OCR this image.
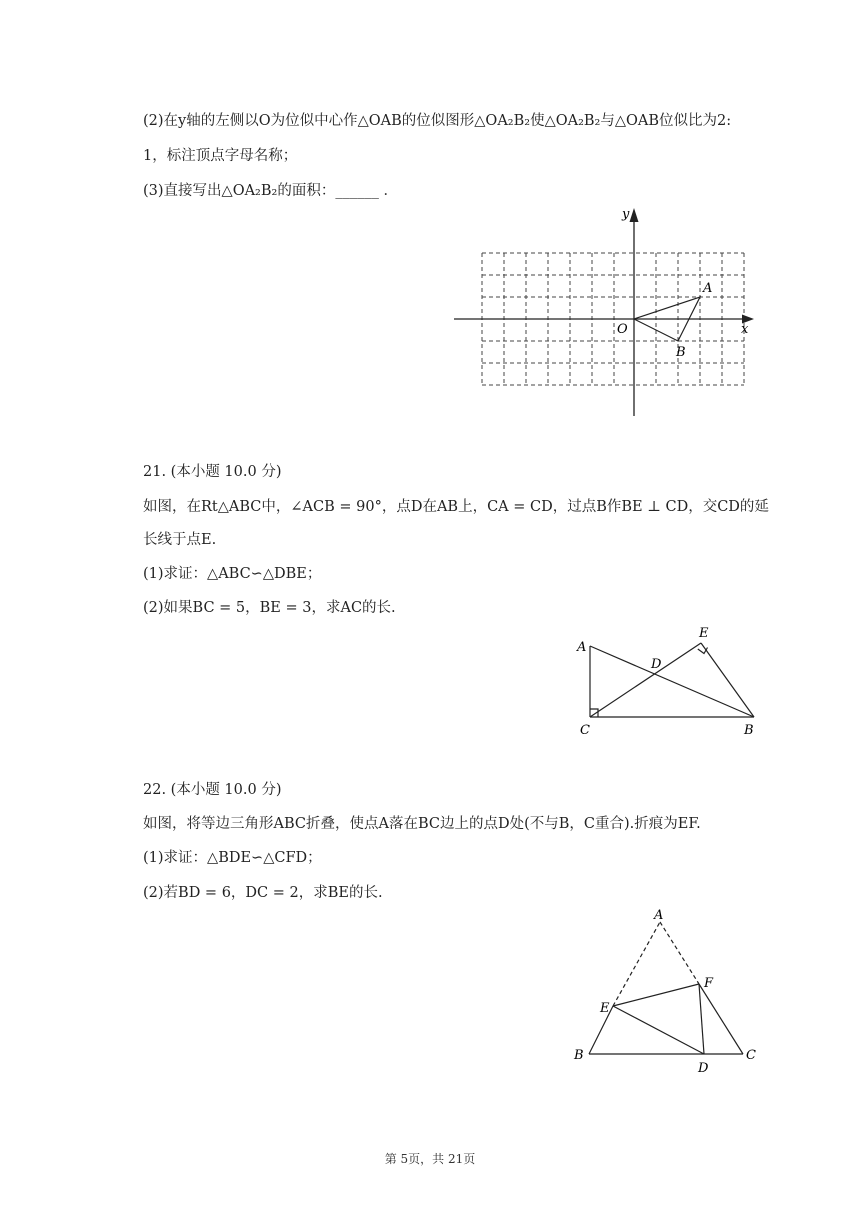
(2)在y轴的左侧以O为位似中心作△OAB的位似图形△OA₂B₂使△OA₂B₂与△OAB位似比为2:
1，标注顶点字母名称；
(3)直接写出△OA₂B₂的面积：______ ．
y
x
O
A
B
21. (本小题 10.0 分)
如图，在Rt△ABC中，∠ACB = 90°，点D在AB上，CA = CD，过点B作BE ⊥ CD，交CD的延
长线于点E.
(1)求证：△ABC∽△DBE；
(2)如果BC = 5，BE = 3，求AC的长.
A
C	B
D
E
22. (本小题 10.0 分)
如图，将等边三角形ABC折叠，使点A落在BC边上的点D处(不与B，C重合).折痕为EF.
(1)求证：△BDE∽△CFD；
(2)若BD = 6，DC = 2，求BE的长.
A
E
F
B
D
C
第 5页，共 21页
